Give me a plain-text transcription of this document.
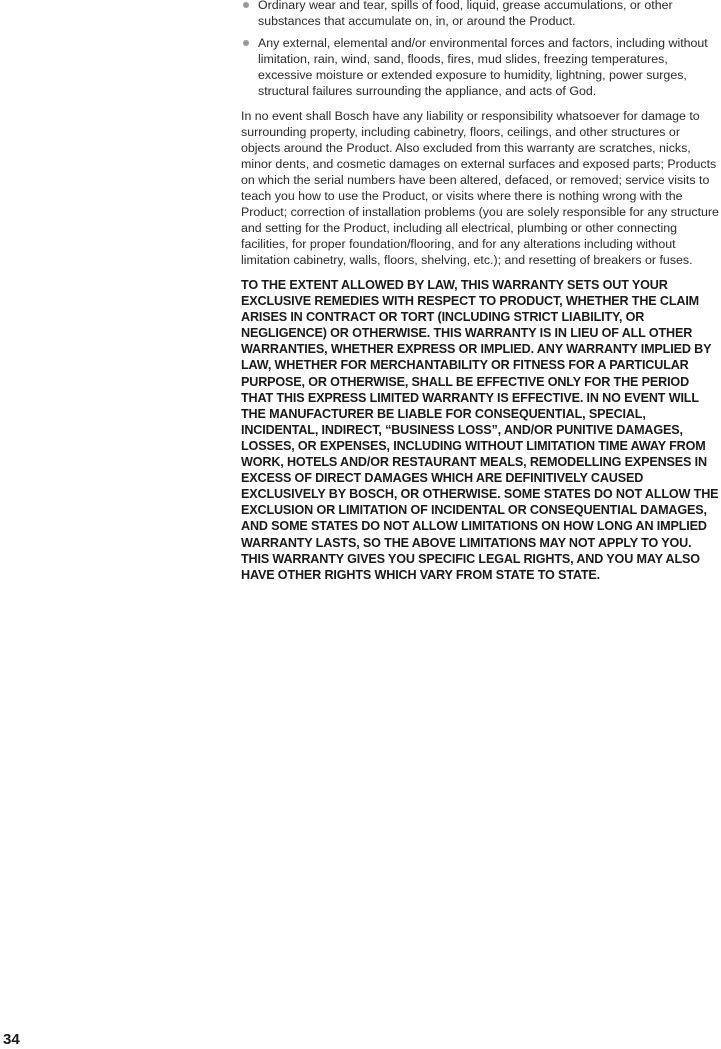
Ordinary wear and tear, spills of food, liquid, grease accumulations, or other substances that accumulate on, in, or around the Product.
Any external, elemental and/or environmental forces and factors, including without limitation, rain, wind, sand, floods, fires, mud slides, freezing temperatures, excessive moisture or extended exposure to humidity, lightning, power surges, structural failures surrounding the appliance, and acts of God.

In no event shall Bosch have any liability or responsibility whatsoever for damage to surrounding property, including cabinetry, floors, ceilings, and other structures or objects around the Product. Also excluded from this warranty are scratches, nicks, minor dents, and cosmetic damages on external surfaces and exposed parts; Products on which the serial numbers have been altered, defaced, or removed; service visits to teach you how to use the Product, or visits where there is nothing wrong with the Product; correction of installation problems (you are solely responsible for any structure and setting for the Product, including all electrical, plumbing or other connecting facilities, for proper foundation/flooring, and for any alterations including without limitation cabinetry, walls, floors, shelving, etc.); and resetting of breakers or fuses.

TO THE EXTENT ALLOWED BY LAW, THIS WARRANTY SETS OUT YOUR EXCLUSIVE REMEDIES WITH RESPECT TO PRODUCT, WHETHER THE CLAIM ARISES IN CONTRACT OR TORT (INCLUDING STRICT LIABILITY, OR NEGLIGENCE) OR OTHERWISE. THIS WARRANTY IS IN LIEU OF ALL OTHER WARRANTIES, WHETHER EXPRESS OR IMPLIED. ANY WARRANTY IMPLIED BY LAW, WHETHER FOR MERCHANTABILITY OR FITNESS FOR A PARTICULAR PURPOSE, OR OTHERWISE, SHALL BE EFFECTIVE ONLY FOR THE PERIOD THAT THIS EXPRESS LIMITED WARRANTY IS EFFECTIVE. IN NO EVENT WILL THE MANUFACTURER BE LIABLE FOR CONSEQUENTIAL, SPECIAL, INCIDENTAL, INDIRECT, “BUSINESS LOSS”, AND/OR PUNITIVE DAMAGES, LOSSES, OR EXPENSES, INCLUDING WITHOUT LIMITATION TIME AWAY FROM WORK, HOTELS AND/OR RESTAURANT MEALS, REMODELLING EXPENSES IN EXCESS OF DIRECT DAMAGES WHICH ARE DEFINITIVELY CAUSED EXCLUSIVELY BY BOSCH, OR OTHERWISE. SOME STATES DO NOT ALLOW THE EXCLUSION OR LIMITATION OF INCIDENTAL OR CONSEQUENTIAL DAMAGES, AND SOME STATES DO NOT ALLOW LIMITATIONS ON HOW LONG AN IMPLIED WARRANTY LASTS, SO THE ABOVE LIMITATIONS MAY NOT APPLY TO YOU. THIS WARRANTY GIVES YOU SPECIFIC LEGAL RIGHTS, AND YOU MAY ALSO HAVE OTHER RIGHTS WHICH VARY FROM STATE TO STATE.

34
